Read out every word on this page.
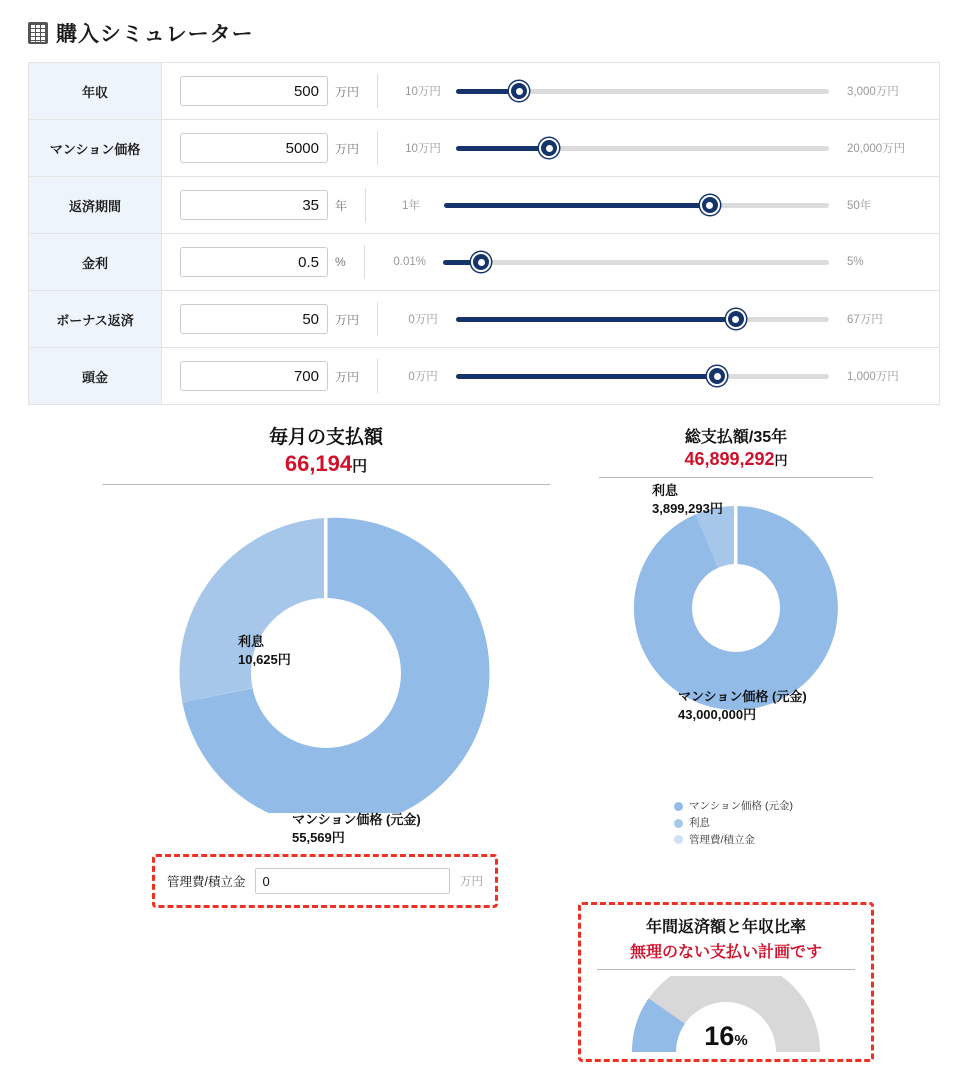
購入シミュレーター
年収
500	万円	10万円	3,000万円
マンション価格
5000	万円	10万円	20,000万円
返済期間
35	年	1年	50年
金利
0.5	%	0.01%	5%
ボーナス返済
50	万円	0万円	67万円
頭金
700	万円	0万円	1,000万円
毎月の支払額
66,194円
利息
10,625円
マンション価格 (元金)
55,569円
総支払額/35年
46,899,292円
利息
3,899,293円
マンション価格 (元金)
43,000,000円
マンション価格 (元金)
利息
管理費/積立金
管理費/積立金
0	万円
年間返済額と年収比率
無理のない支払い計画です
16%
